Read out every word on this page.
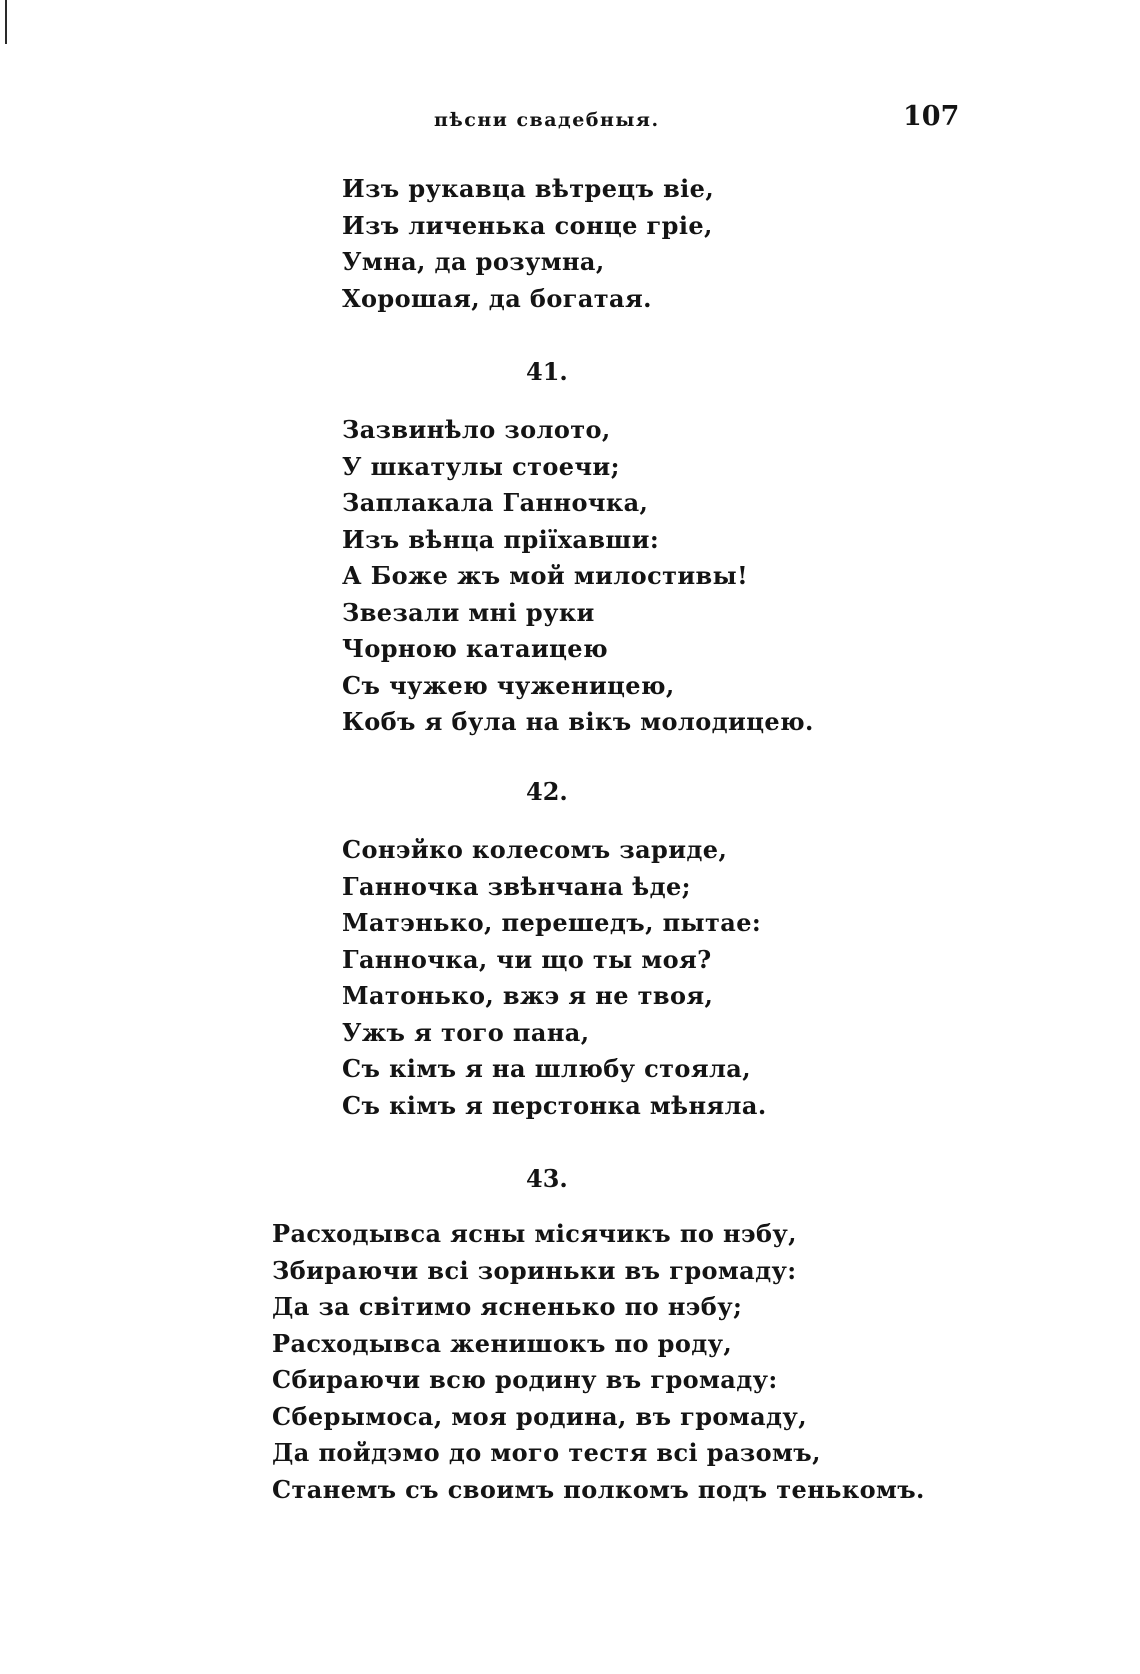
пѣсни свадебныя.	107
Изъ рукавца вѣтрецъ віе,
Изъ личенька сонце гріе,
Умна, да розумна,
Хорошая, да богатая.
41.
Зазвинѣло золото,
У шкатулы стоечи;
Заплакала Ганночка,
Изъ вѣнца пріїхавши:
А Боже жъ мой милостивы!
Звезали мні руки
Чорною катаицею
Съ чужею чуженицею,
Кобъ я була на вікъ молодицею.
42.
Сонэйко колесомъ зариде,
Ганночка звѣнчана ѣде;
Матэнько, перешедъ, пытае:
Ганночка, чи що ты моя?
Матонько, вжэ я не твоя,
Ужъ я того пана,
Съ кімъ я на шлюбу стояла,
Съ кімъ я перстонка мѣняла.
43.
Расходывса ясны місячикъ по нэбу,
Збираючи всі зориньки въ громаду:
Да за світимо ясненько по нэбу;
Расходывса женишокъ по роду,
Сбираючи всю родину въ громаду:
Сберымоса, моя родина, въ громаду,
Да пойдэмо до мого тестя всі разомъ,
Станемъ съ своимъ полкомъ подъ тенькомъ.
